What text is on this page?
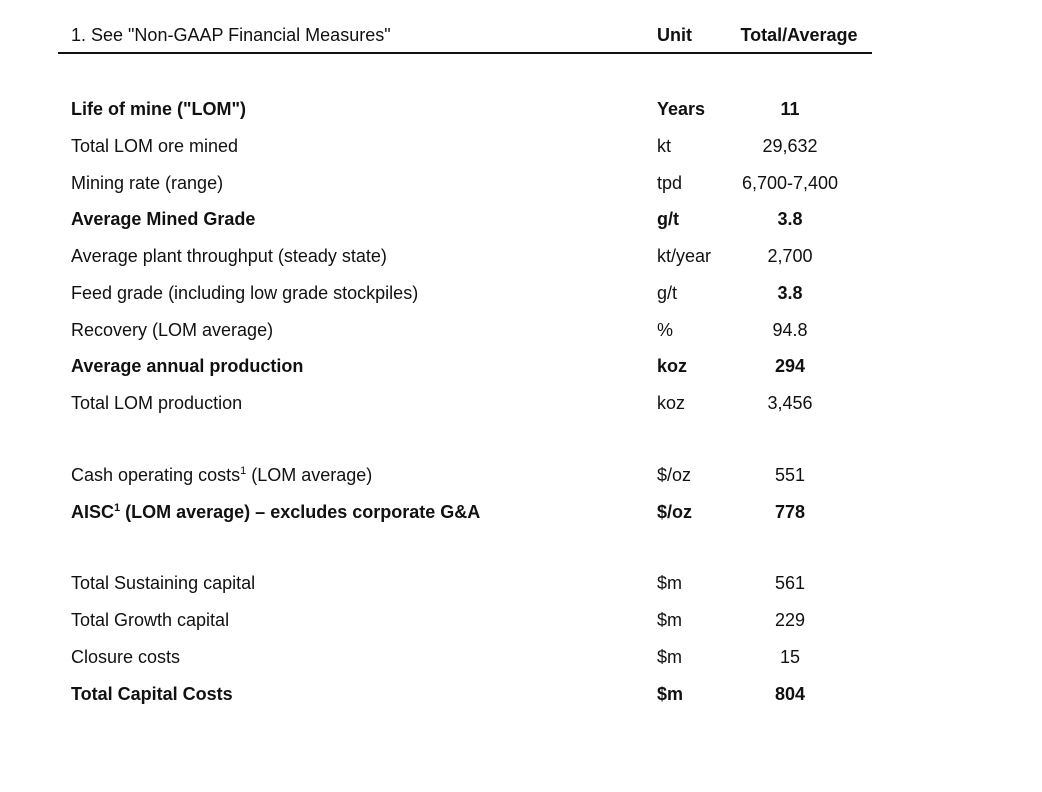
1. See "Non-GAAP Financial Measures"	Unit	Total/Average
Life of mine ("LOM")	Years	11
Total LOM ore mined	kt	29,632
Mining rate (range)	tpd	6,700-7,400
Average Mined Grade	g/t	3.8
Average plant throughput (steady state)	kt/year	2,700
Feed grade (including low grade stockpiles)	g/t	3.8
Recovery (LOM average)	%	94.8
Average annual production	koz	294
Total LOM production	koz	3,456
Cash operating costs$^1$ (LOM average)	$/oz	551
AISC$^1$ (LOM average) – excludes corporate G&A	$/oz	778
Total Sustaining capital	$m	561
Total Growth capital	$m	229
Closure costs	$m	15
Total Capital Costs	$m	804
